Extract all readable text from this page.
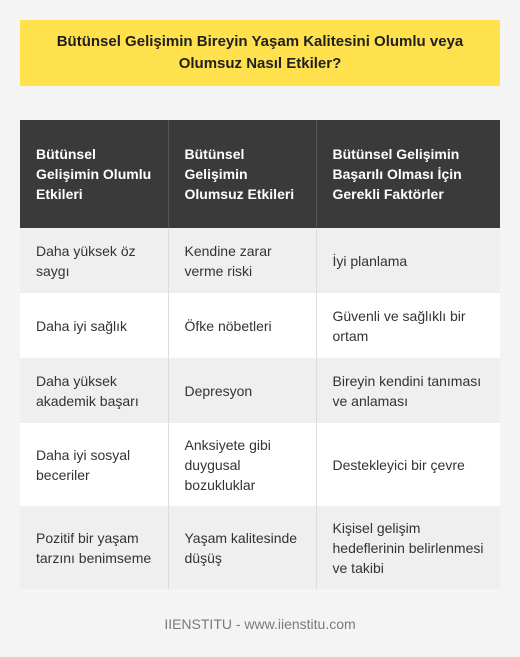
Bütünsel Gelişimin Bireyin Yaşam Kalitesini Olumlu veya Olumsuz Nasıl Etkiler?
Bütünsel Gelişimin Olumlu Etkileri	Bütünsel Gelişimin Olumsuz Etkileri	Bütünsel Gelişimin Başarılı Olması İçin Gerekli Faktörler
Daha yüksek öz saygı	Kendine zarar verme riski	İyi planlama
Daha iyi sağlık	Öfke nöbetleri	Güvenli ve sağlıklı bir ortam
Daha yüksek akademik başarı	Depresyon	Bireyin kendini tanıması ve anlaması
Daha iyi sosyal beceriler	Anksiyete gibi duygusal bozukluklar	Destekleyici bir çevre
Pozitif bir yaşam tarzını benimseme	Yaşam kalitesinde düşüş	Kişisel gelişim hedeflerinin belirlenmesi ve takibi
IIENSTITU - www.iienstitu.com
